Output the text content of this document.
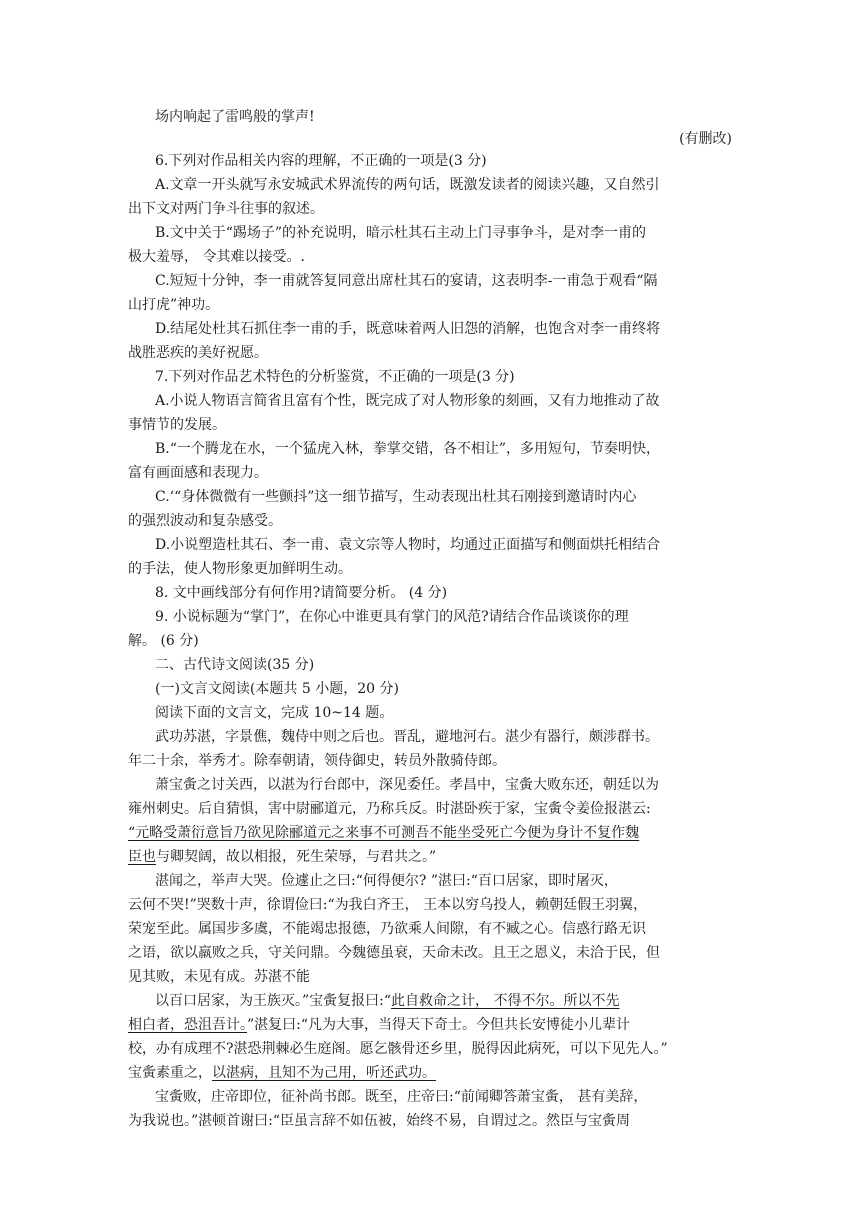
场内响起了雷鸣般的掌声!
(有删改)
6.下列对作品相关内容的理解，不正确的一项是(3 分)
A.文章一开头就写永安城武术界流传的两句话，既激发读者的阅读兴趣，又自然引
出下文对两门争斗往事的叙述。
B.文中关于“踢场子”的补充说明，暗示杜其石主动上门寻事争斗，是对李一甫的
极大羞辱， 令其难以接受。.
C.短短十分钟，李一甫就答复同意出席杜其石的宴请，这表明李-一甫急于观看“隔
山打虎”神功。
D.结尾处杜其石抓住李一甫的手，既意味着两人旧怨的消解，也饱含对李一甫终将
战胜恶疾的美好祝愿。
7.下列对作品艺术特色的分析鉴赏，不正确的一项是(3 分)
A.小说人物语言简省且富有个性，既完成了对人物形象的刻画，又有力地推动了故
事情节的发展。
B.“一个腾龙在水，一个猛虎入林，拳掌交错，各不相让”，多用短句，节奏明快，
富有画面感和表现力。
C.‘“身体微微有一些颤抖”这一细节描写，生动表现出杜其石刚接到邀请时内心
的强烈波动和复杂感受。
D.小说塑造杜其石、李一甫、袁文宗等人物时，均通过正面描写和侧面烘托相结合
的手法，使人物形象更加鲜明生动。
8. 文中画线部分有何作用?请简要分析。 (4 分)
9. 小说标题为“掌门”，在你心中谁更具有掌门的风范?请结合作品谈谈你的理
解。 (6 分)
二、古代诗文阅读(35 分)
(一)文言文阅读(本题共 5 小题，20 分)
阅读下面的文言文，完成 10~14 题。
武功苏湛，字景僬，魏侍中则之后也。晋乱，避地河右。湛少有器行，颇涉群书。
年二十余，举秀才。除奉朝请，领侍御史，转员外散骑侍郎。
萧宝夤之讨关西，以湛为行台郎中，深见委任。孝昌中，宝夤大败东还，朝廷以为
雍州刺史。后自猜惧，害中尉郦道元，乃称兵反。时湛卧疾于家，宝夤令姜俭报湛云:
“元略受萧衍意旨乃欲见除郦道元之来事不可测吾不能坐受死亡今便为身计不复作魏
臣也与卿契阔，故以相报，死生荣辱，与君共之。”
湛闻之，举声大哭。俭遽止之曰:“何得便尔? ”湛曰:“百口居家，即时屠灭，
云何不哭!”哭数十声，徐谓俭曰:“为我白齐王， 王本以穷乌投人，赖朝廷假王羽翼，
荣宠至此。属国步多虞，不能竭忠报德，乃欲乘人间隙，有不臧之心。信惑行路无识
之语，欲以羸败之兵，守关问鼎。今魏德虽衰，天命未改。且王之恩义，未洽于民，但
见其败，未见有成。苏湛不能
以百口居家，为王族灭。”宝夤复报曰:“此自救命之计， 不得不尔。所以不先
相白者，恐沮吾计。”湛复曰:“凡为大事，当得天下奇士。今但共长安博徒小儿辈计
校，办有成理不?湛恐荆棘必生庭阁。愿乞骸骨还乡里，脱得因此病死，可以下见先人。”
宝夤素重之，以湛病，且知不为己用，听还武功。
宝夤败，庄帝即位，征补尚书郎。既至，庄帝曰:“前闻卿答萧宝夤， 甚有美辞，
为我说也。”湛顿首谢曰:“臣虽言辞不如伍被，始终不易，自谓过之。然臣与宝夤周
